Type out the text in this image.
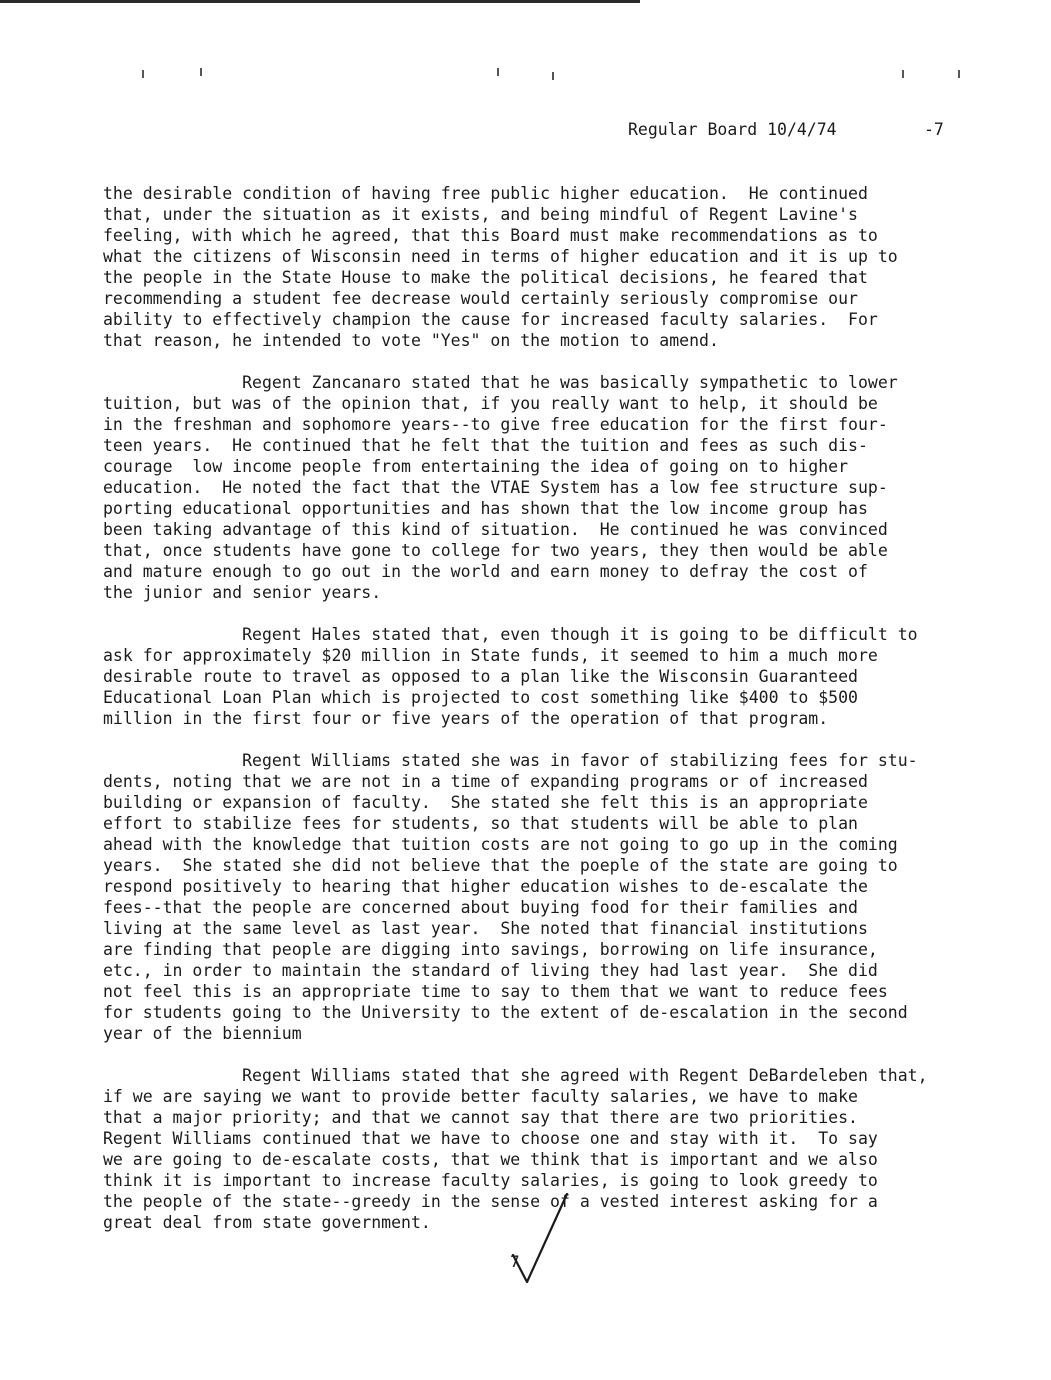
Regular Board 10/4/74	-7

the desirable condition of having free public higher education.  He continued
that, under the situation as it exists, and being mindful of Regent Lavine's
feeling, with which he agreed, that this Board must make recommendations as to
what the citizens of Wisconsin need in terms of higher education and it is up to
the people in the State House to make the political decisions, he feared that
recommending a student fee decrease would certainly seriously compromise our
ability to effectively champion the cause for increased faculty salaries.  For
that reason, he intended to vote "Yes" on the motion to amend.

Regent Zancanaro stated that he was basically sympathetic to lower
tuition, but was of the opinion that, if you really want to help, it should be
in the freshman and sophomore years--to give free education for the first four-
teen years.  He continued that he felt that the tuition and fees as such dis-
courage  low income people from entertaining the idea of going on to higher
education.  He noted the fact that the VTAE System has a low fee structure sup-
porting educational opportunities and has shown that the low income group has
been taking advantage of this kind of situation.  He continued he was convinced
that, once students have gone to college for two years, they then would be able
and mature enough to go out in the world and earn money to defray the cost of
the junior and senior years.

Regent Hales stated that, even though it is going to be difficult to
ask for approximately $20 million in State funds, it seemed to him a much more
desirable route to travel as opposed to a plan like the Wisconsin Guaranteed
Educational Loan Plan which is projected to cost something like $400 to $500
million in the first four or five years of the operation of that program.

Regent Williams stated she was in favor of stabilizing fees for stu-
dents, noting that we are not in a time of expanding programs or of increased
building or expansion of faculty.  She stated she felt this is an appropriate
effort to stabilize fees for students, so that students will be able to plan
ahead with the knowledge that tuition costs are not going to go up in the coming
years.  She stated she did not believe that the poeple of the state are going to
respond positively to hearing that higher education wishes to de-escalate the
fees--that the people are concerned about buying food for their families and
living at the same level as last year.  She noted that financial institutions
are finding that people are digging into savings, borrowing on life insurance,
etc., in order to maintain the standard of living they had last year.  She did
not feel this is an appropriate time to say to them that we want to reduce fees
for students going to the University to the extent of de-escalation in the second
year of the biennium

Regent Williams stated that she agreed with Regent DeBardeleben that,
if we are saying we want to provide better faculty salaries, we have to make
that a major priority; and that we cannot say that there are two priorities.
Regent Williams continued that we have to choose one and stay with it.  To say
we are going to de-escalate costs, that we think that is important and we also
think it is important to increase faculty salaries, is going to look greedy to
the people of the state--greedy in the sense of a vested interest asking for a
great deal from state government.

7
